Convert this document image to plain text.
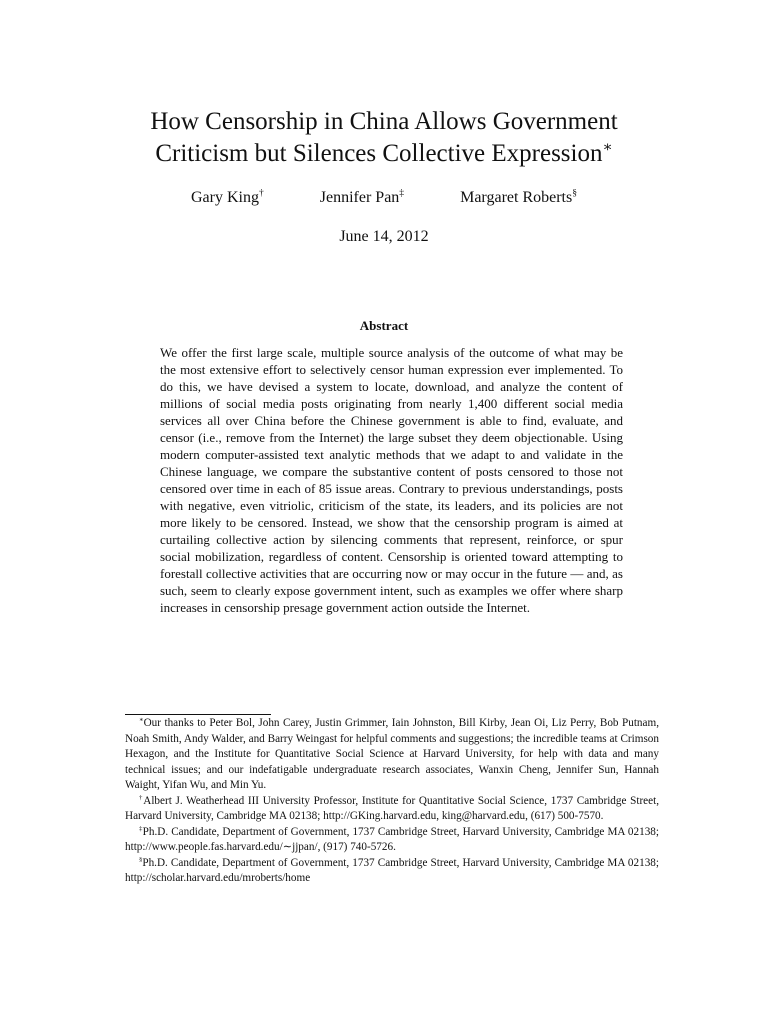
How Censorship in China Allows Government
Criticism but Silences Collective Expression∗
Gary King†	Jennifer Pan‡	Margaret Roberts§
June 14, 2012
Abstract
We offer the first large scale, multiple source analysis of the outcome of what may be the most extensive effort to selectively censor human expression ever implemented. To do this, we have devised a system to locate, download, and analyze the content of millions of social media posts originating from nearly 1,400 different social media services all over China before the Chinese government is able to find, evaluate, and censor (i.e., remove from the Internet) the large subset they deem objectionable. Using modern computer-assisted text analytic methods that we adapt to and validate in the Chinese language, we compare the substantive content of posts censored to those not censored over time in each of 85 issue areas. Contrary to previous understandings, posts with negative, even vitriolic, criticism of the state, its leaders, and its policies are not more likely to be censored. Instead, we show that the censorship program is aimed at curtailing collective action by silencing comments that represent, reinforce, or spur social mobilization, regardless of content. Censorship is oriented toward attempting to forestall collective activities that are occurring now or may occur in the future — and, as such, seem to clearly expose government intent, such as examples we offer where sharp increases in censorship presage government action outside the Internet.

∗Our thanks to Peter Bol, John Carey, Justin Grimmer, Iain Johnston, Bill Kirby, Jean Oi, Liz Perry, Bob Putnam, Noah Smith, Andy Walder, and Barry Weingast for helpful comments and suggestions; the incredible teams at Crimson Hexagon, and the Institute for Quantitative Social Science at Harvard University, for help with data and many technical issues; and our indefatigable undergraduate research associates, Wanxin Cheng, Jennifer Sun, Hannah Waight, Yifan Wu, and Min Yu.

†Albert J. Weatherhead III University Professor, Institute for Quantitative Social Science, 1737 Cambridge Street, Harvard University, Cambridge MA 02138; http://GKing.harvard.edu, king@harvard.edu, (617) 500-7570.

‡Ph.D. Candidate, Department of Government, 1737 Cambridge Street, Harvard University, Cambridge MA 02138; http://www.people.fas.harvard.edu/∼jjpan/, (917) 740-5726.

§Ph.D. Candidate, Department of Government, 1737 Cambridge Street, Harvard University, Cambridge MA 02138; http://scholar.harvard.edu/mroberts/home
